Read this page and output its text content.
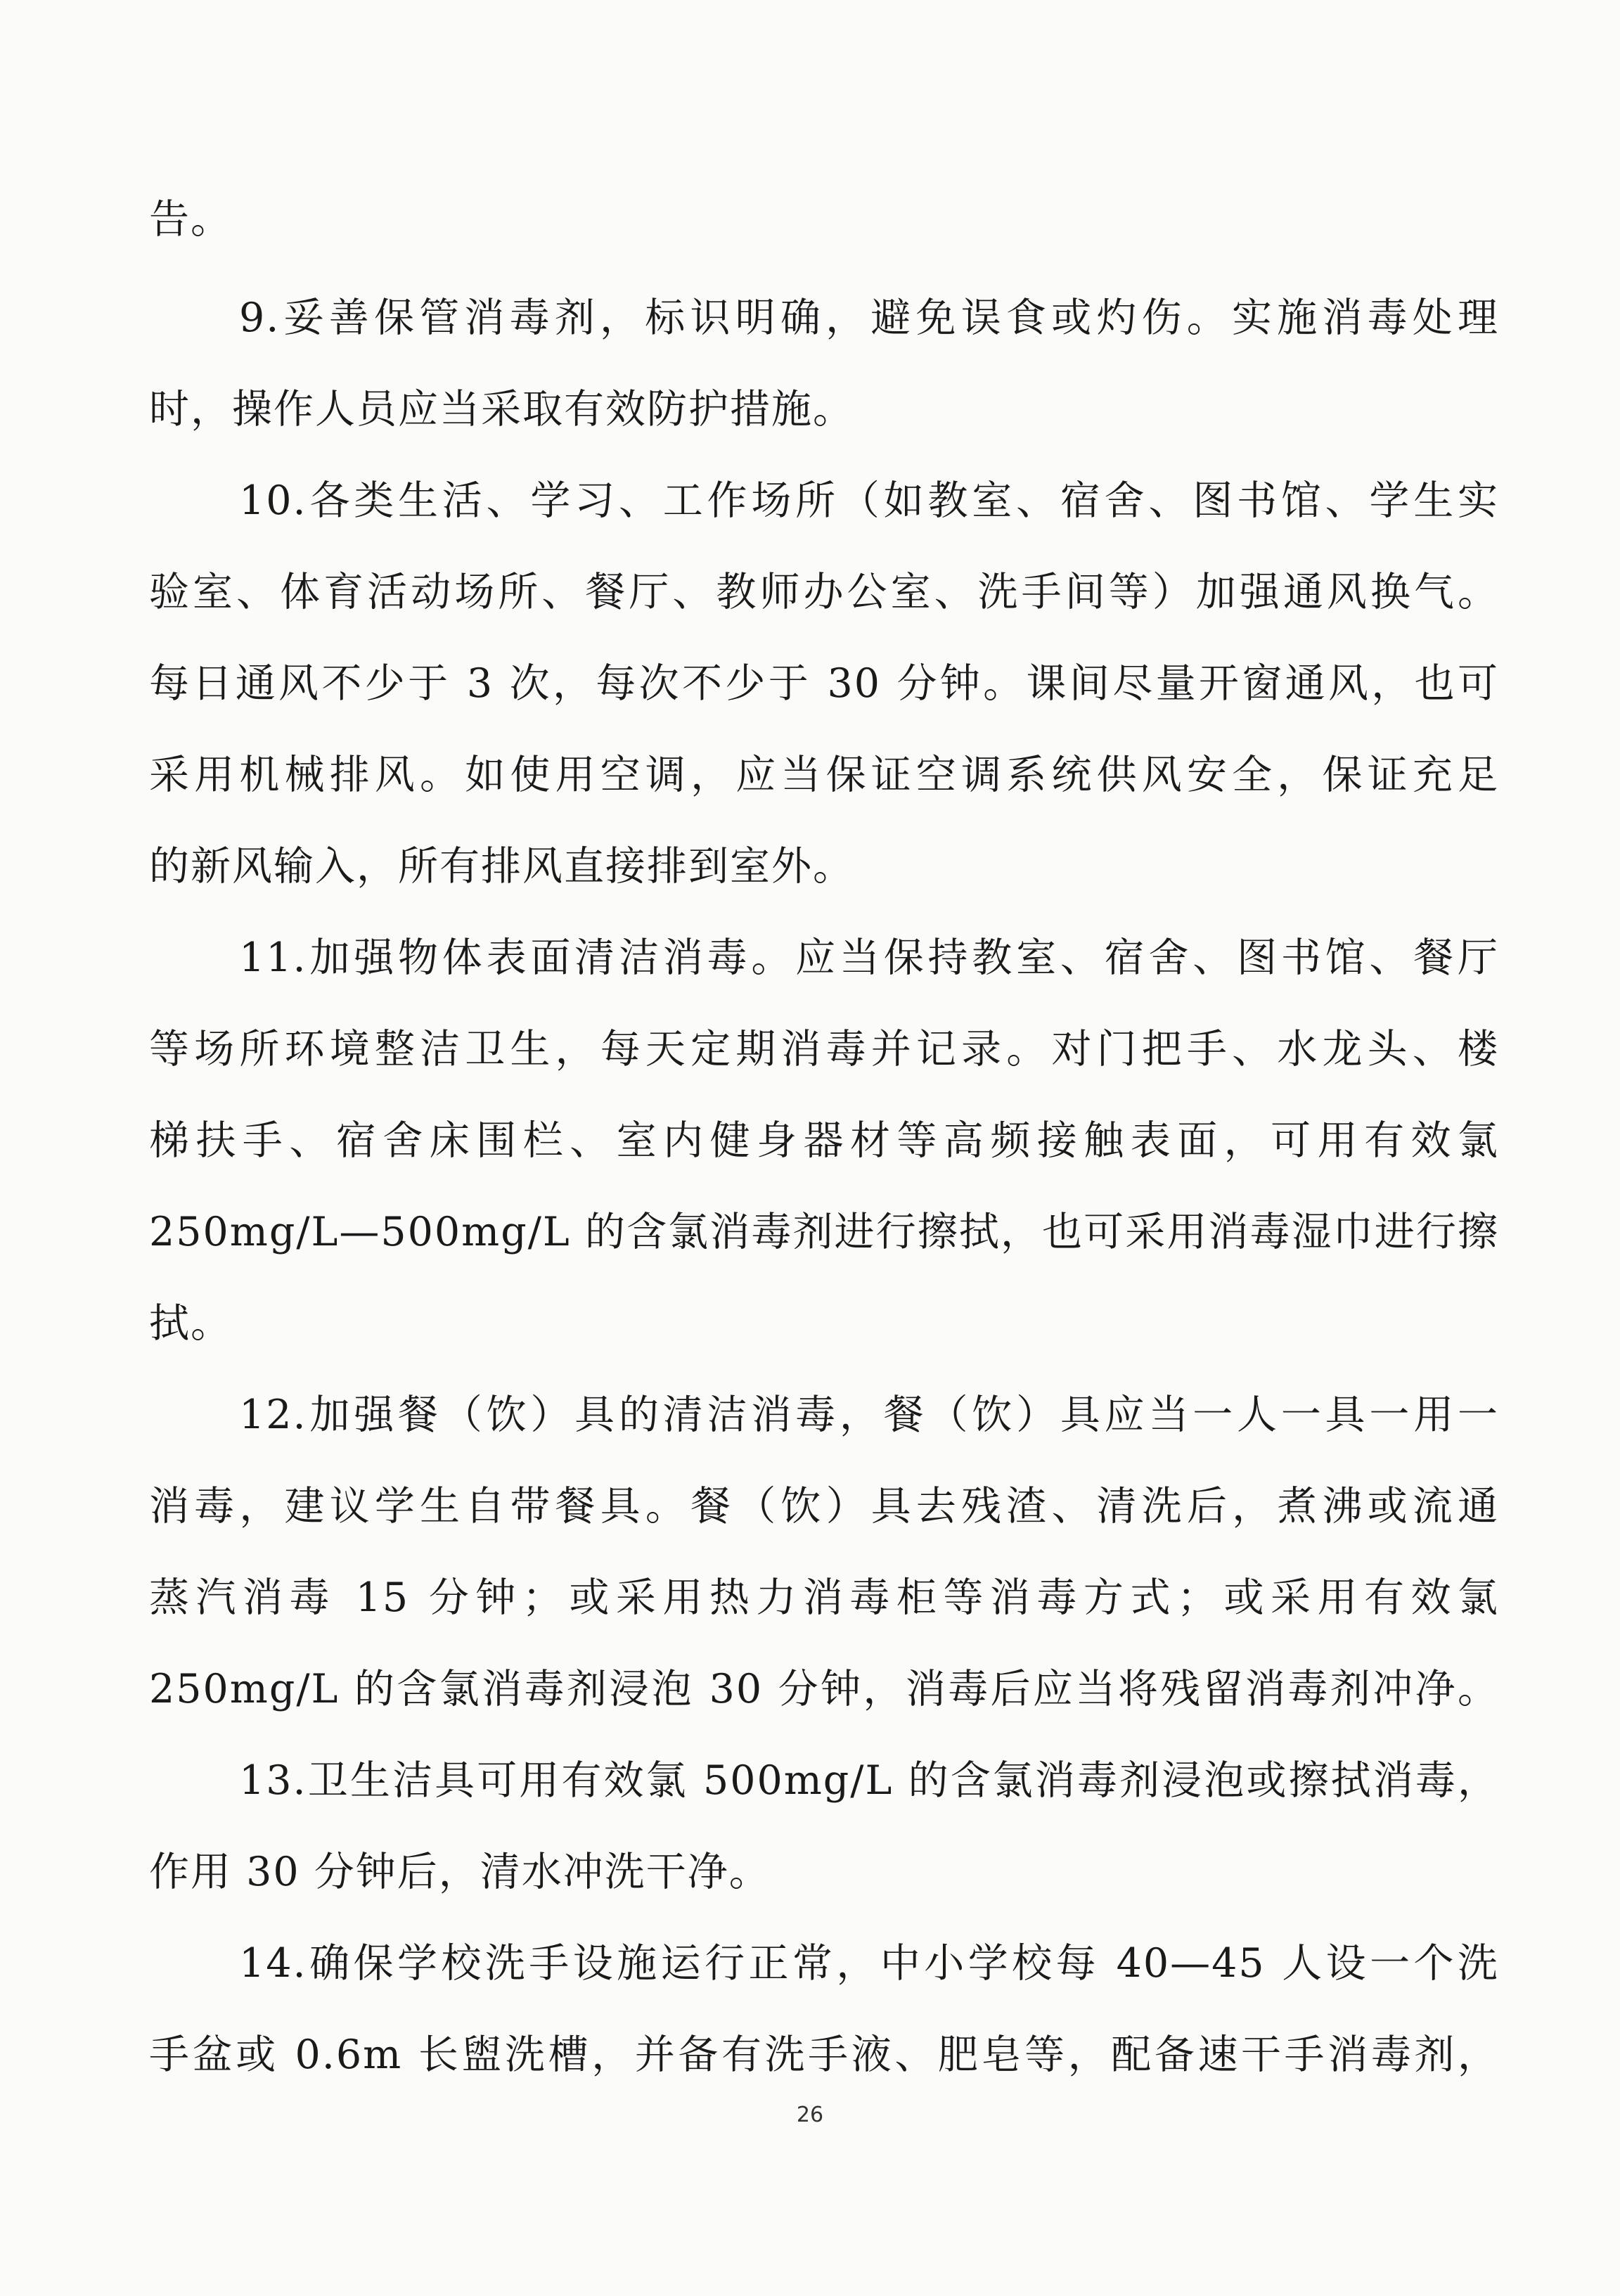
告。
9.妥善保管消毒剂，标识明确，避免误食或灼伤。实施消毒处理
时，操作人员应当采取有效防护措施。
10.各类生活、学习、工作场所（如教室、宿舍、图书馆、学生实
验室、体育活动场所、餐厅、教师办公室、洗手间等）加强通风换气。
每日通风不少于 3 次，每次不少于 30 分钟。课间尽量开窗通风，也可
采用机械排风。如使用空调，应当保证空调系统供风安全，保证充足
的新风输入，所有排风直接排到室外。
11.加强物体表面清洁消毒。应当保持教室、宿舍、图书馆、餐厅
等场所环境整洁卫生，每天定期消毒并记录。对门把手、水龙头、楼
梯扶手、宿舍床围栏、室内健身器材等高频接触表面，可用有效氯
250mg/L—500mg/L 的含氯消毒剂进行擦拭，也可采用消毒湿巾进行擦
拭。
12.加强餐（饮）具的清洁消毒，餐（饮）具应当一人一具一用一
消毒，建议学生自带餐具。餐（饮）具去残渣、清洗后，煮沸或流通
蒸汽消毒 15 分钟；或采用热力消毒柜等消毒方式；或采用有效氯
250mg/L 的含氯消毒剂浸泡 30 分钟，消毒后应当将残留消毒剂冲净。
13.卫生洁具可用有效氯 500mg/L 的含氯消毒剂浸泡或擦拭消毒，
作用 30 分钟后，清水冲洗干净。
14.确保学校洗手设施运行正常，中小学校每 40—45 人设一个洗
手盆或 0.6m 长盥洗槽，并备有洗手液、肥皂等，配备速干手消毒剂，
26
